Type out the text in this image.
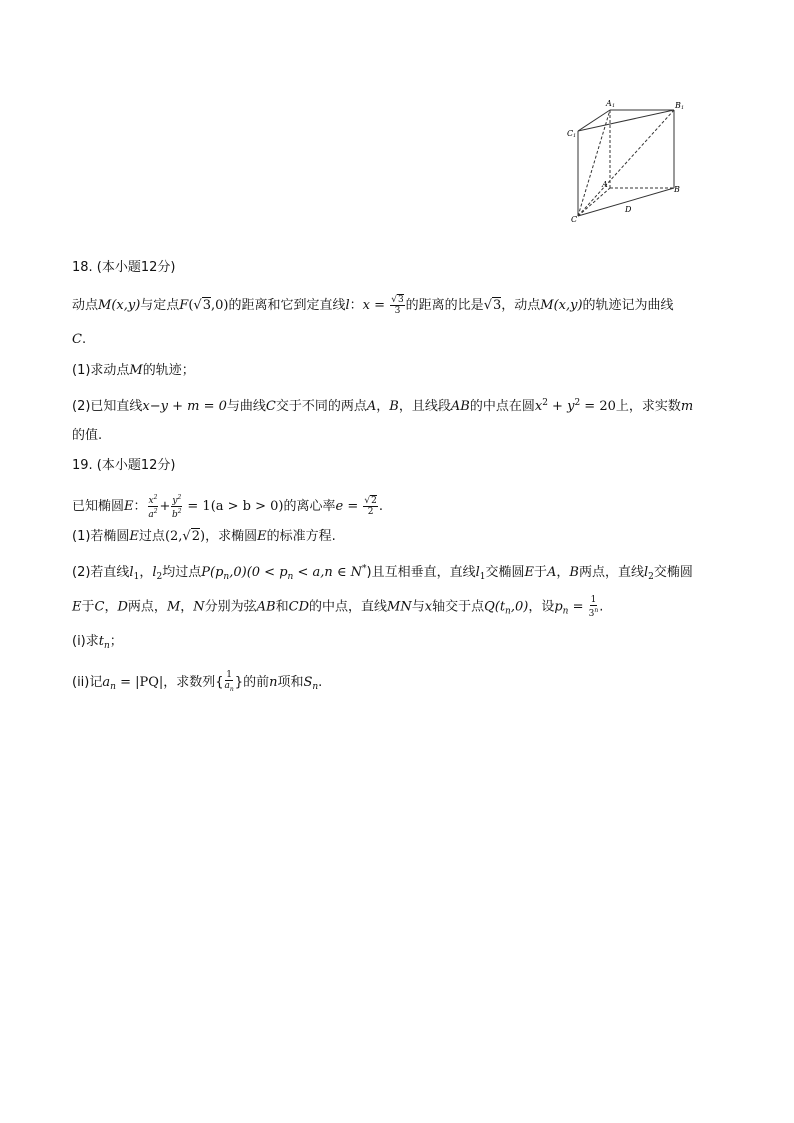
A 1	B 1
C 1
A
B
C
D
18. (本小题12分)
动点M(x,y)与定点F(√3,0)的距离和它到定直线l：$x = \frac{√3}{3}$ 的距离的比是√3，动点M(x,y)的轨迹记为曲线
C.
(1)求动点M的轨迹；
(2)已知直线x−y + m = 0与曲线C交于不同的两点A，B，且线段AB的中点在圆$x^2 + y^2 = 20$上，求实数m
的值.
19. (本小题12分)
已知椭圆E： $\frac{x^2}{a^2} + \frac{y^2}{b^2} = 1(a > b > 0)$的离心率$e = \frac{√2}{2}$ .
(1)若椭圆E过点(2,√2)，求椭圆E的标准方程.
(2)若直线$l_1$，$l_2$均过点$P(p_n,0)(0 < p_n < a,n$ ∈ N*)且互相垂直，直线$l_1$交椭圆E于A，B两点，直线$l_2$交椭圆
E于C，D两点，M，N分别为弦AB和CD的中点，直线MN与x轴交于点$Q(t_n,0)$，设$p_n = \frac{1}{3^n}$ .
(i)求$t_n$；
(ii)记$a_n = |PQ|$，求数列{ $\frac{1}{a_n}$ }的前n项和$S_n$.
